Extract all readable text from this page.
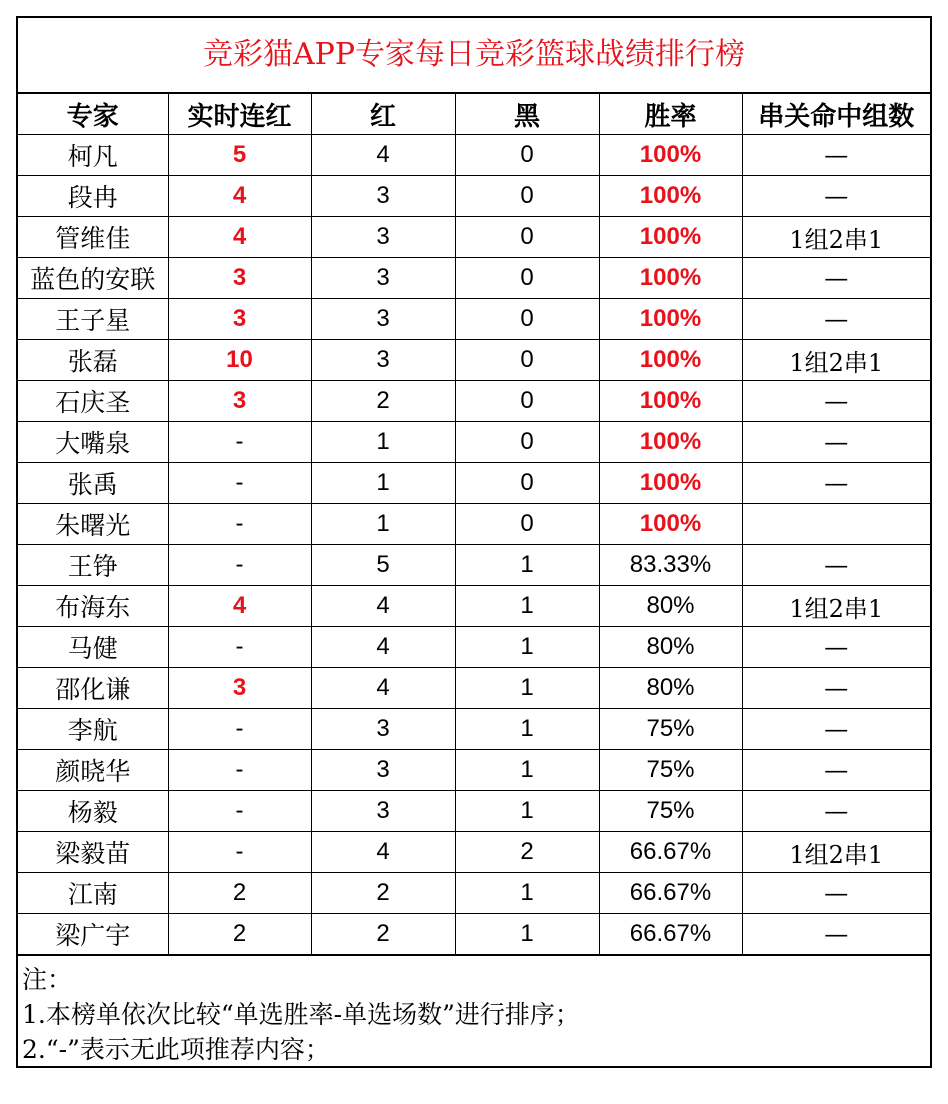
竞彩猫APP专家每日竞彩篮球战绩排行榜
专家	实时连红	红	黑	胜率	串关命中组数
柯凡	5	4	0	100%	—
段冉	4	3	0	100%	—
管维佳	4	3	0	100%	1组2串1
蓝色的安联	3	3	0	100%	—
王子星	3	3	0	100%	—
张磊	10	3	0	100%	1组2串1
石庆圣	3	2	0	100%	—
大嘴泉	-	1	0	100%	—
张禹	-	1	0	100%	—
朱曙光	-	1	0	100%	
王铮	-	5	1	83.33%	—
布海东	4	4	1	80%	1组2串1
马健	-	4	1	80%	—
邵化谦	3	4	1	80%	—
李航	-	3	1	75%	—
颜晓华	-	3	1	75%	—
杨毅	-	3	1	75%	—
梁毅苗	-	4	2	66.67%	1组2串1
江南	2	2	1	66.67%	—
梁广宇	2	2	1	66.67%	—
注：
1.本榜单依次比较“单选胜率-单选场数”进行排序；
2.“-”表示无此项推荐内容；
